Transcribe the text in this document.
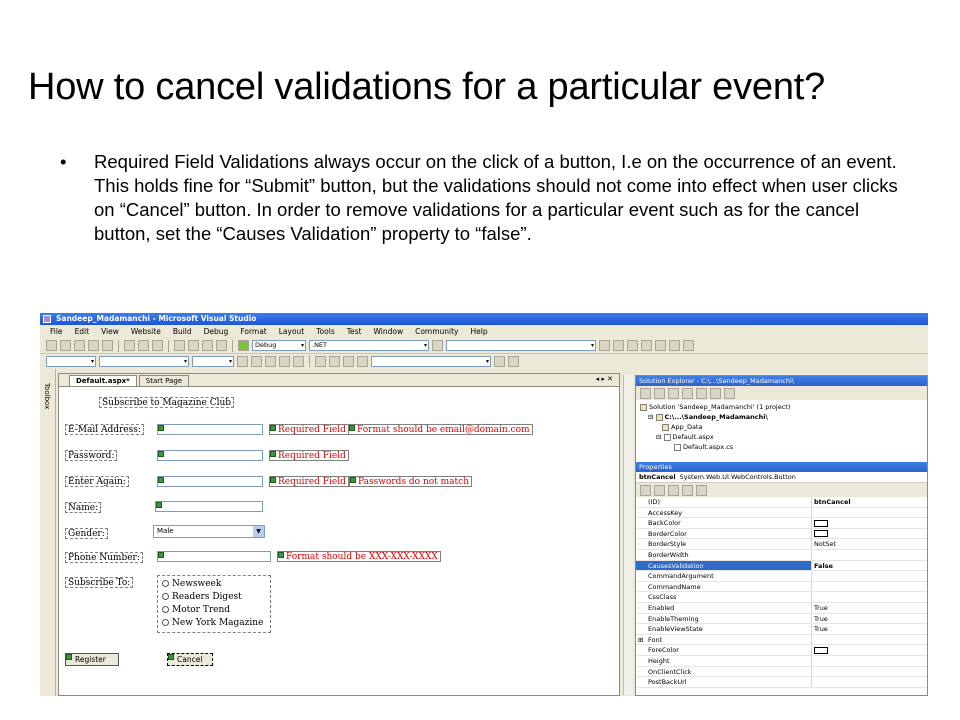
How to cancel validations for a particular event?
• Required Field Validations always occur on the click of a button, I.e on the occurrence of an event. This holds fine for “Submit” button, but the validations should not come into effect when user clicks on “Cancel” button. In order to remove validations for a particular event such as for the cancel button, set the “Causes Validation” property to “false”.
Sandeep_Madamanchi - Microsoft Visual Studio
File Edit View Website Build Debug Format Layout Tools Test Window Community Help
Debug	▾	.NET	▾	▾
▾	▾	▾	▾
Toolbox
Default.aspx*	Start Page	◂ ▸ ✕
Subscribe to Magazine Club
E-Mail Address:	Required Field	Format should be email@domain.com
Password:	Required Field
Enter Again:	Required Field	Passwords do not match
Name:
Gender:	Male	▼
Phone Number:	Format should be XXX-XXX-XXXX
Subscribe To:	Newsweek
Readers Digest
Motor Trend
New York Magazine
Register	Cancel
Solution Explorer - C:\...\Sandeep_Madamanchi\
Solution 'Sandeep_Madamanchi' (1 project)
⊟ C:\...\Sandeep_Madamanchi\
App_Data
⊟ Default.aspx
Default.aspx.cs
Properties
btnCancel System.Web.UI.WebControls.Button
(ID)	btnCancel
AccessKey
BackColor
BorderColor
BorderStyle	NotSet
BorderWidth
CausesValidation	False
CommandArgument
CommandName
CssClass
Enabled	True
EnableTheming	True
EnableViewState	True
⊞ Font
ForeColor
Height
OnClientClick
PostBackUrl
